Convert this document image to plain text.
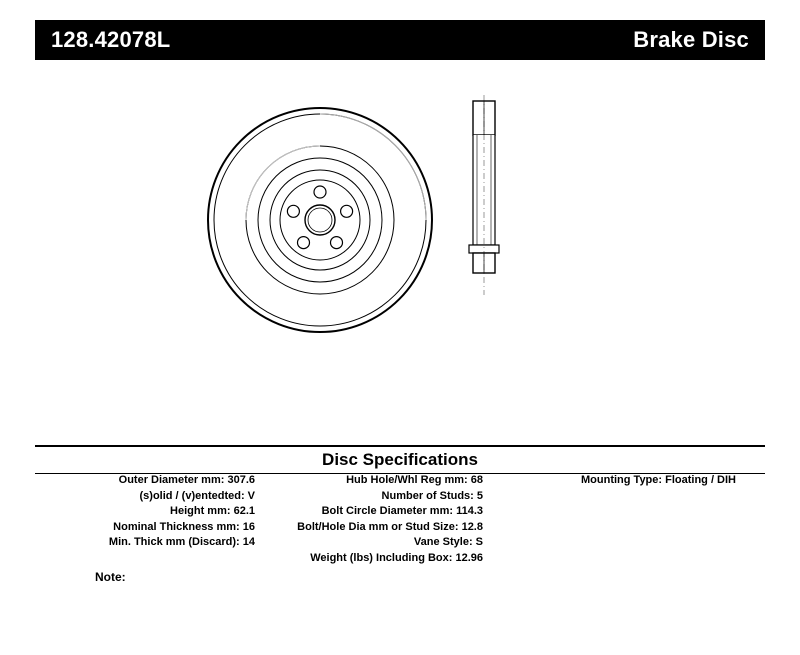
128.42078L	Brake Disc
Disc Specifications
Outer Diameter mm: 307.6
(s)olid / (v)entedted: V
Height mm: 62.1
Nominal Thickness mm: 16
Min. Thick mm (Discard): 14
Hub Hole/Whl Reg mm: 68
Number of Studs: 5
Bolt Circle Diameter mm: 114.3
Bolt/Hole Dia mm or Stud Size: 12.8
Vane Style: S
Weight (lbs) Including Box: 12.96
Mounting Type: Floating / DIH
Note:
